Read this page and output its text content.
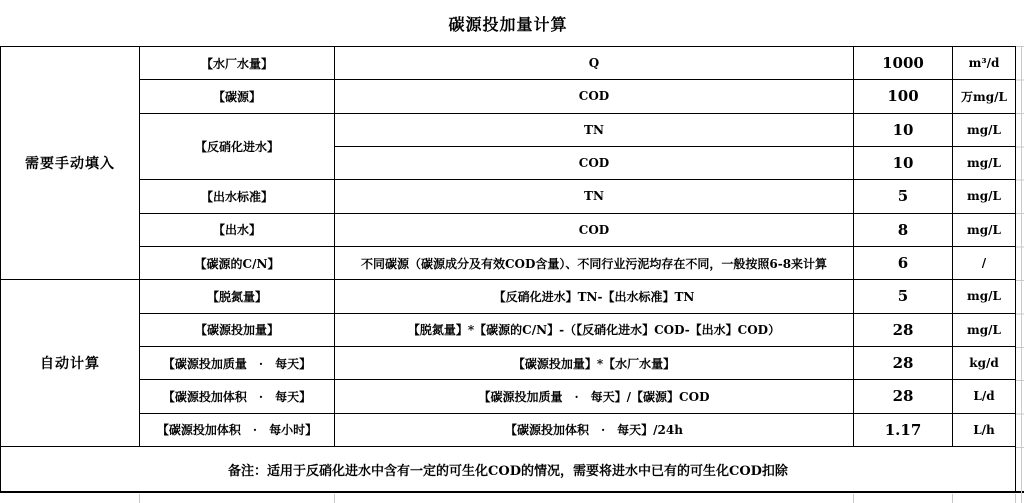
碳源投加量计算
需要手动填入
【水厂水量】	Q	1000	m³/d
【碳源】	COD	100	万mg/L
【反硝化进水】
TN	10	mg/L
COD	10	mg/L
【出水标准】	TN	5	mg/L
【出水】	COD	8	mg/L
【碳源的C/N】	不同碳源（碳源成分及有效COD含量）、不同行业污泥均存在不同，一般按照6-8来计算	6	/
自动计算
【脱氮量】	【反硝化进水】TN-【出水标准】TN	5	mg/L
【碳源投加量】	【脱氮量】*【碳源的C/N】-（【反硝化进水】COD-【出水】COD）	28	mg/L
【碳源投加质量　·　每天】	【碳源投加量】*【水厂水量】	28	kg/d
【碳源投加体积　·　每天】	【碳源投加质量　·　每天】/【碳源】COD	28	L/d
【碳源投加体积　·　每小时】	【碳源投加体积　·　每天】/24h	1.17	L/h
备注：适用于反硝化进水中含有一定的可生化COD的情况，需要将进水中已有的可生化COD扣除
